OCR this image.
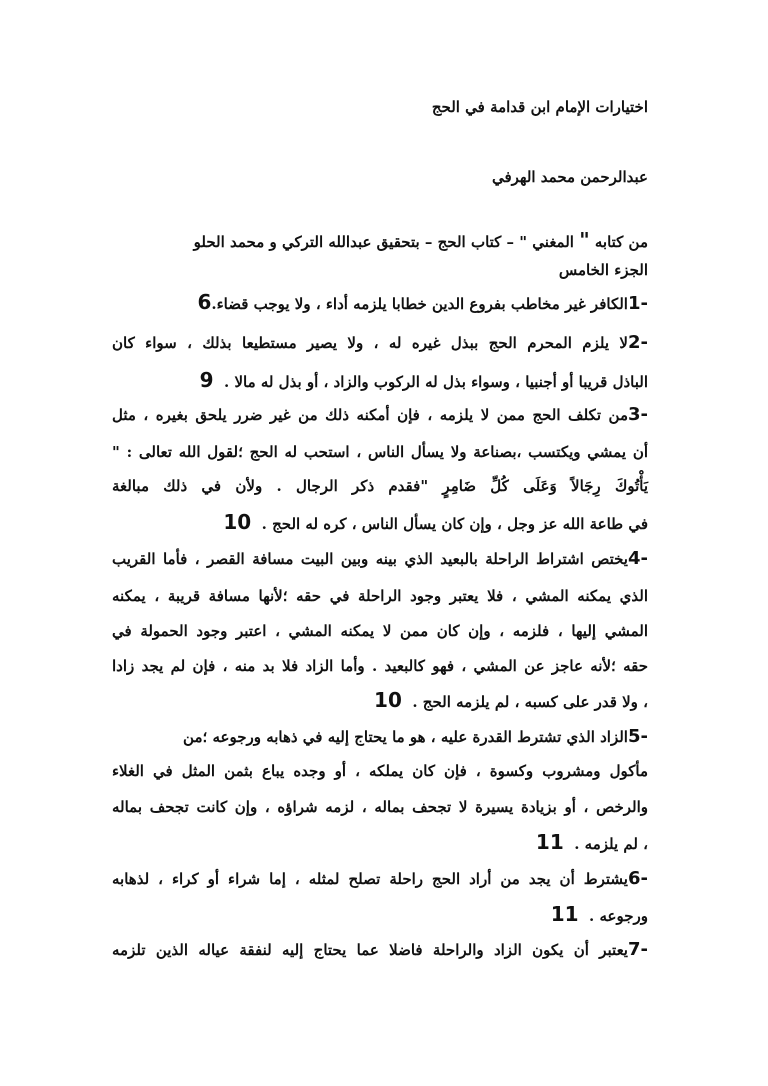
اختيارات الإمام ابن قدامة في الحج
عبدالرحمن محمد الهرفي
من كتابه " المغني " – كتاب الحج – بتحقيق عبدالله التركي و محمد الحلو
الجزء الخامس
-1الكافر غير مخاطب بفروع الدين خطابا يلزمه أداء ، ولا يوجب قضاء.6
-2لا يلزم المحرم الحج ببذل غيره له ، ولا يصير مستطيعا بذلك ، سواء كان
الباذل قريبا أو أجنبيا ، وسواء بذل له الركوب والزاد ، أو بذل له مالا .  9
-3من تكلف الحج ممن لا يلزمه ، فإن أمكنه ذلك من غير ضرر يلحق بغيره ، مثل
أن يمشي ويكتسب ،بصناعة ولا يسأل الناس ، استحب له الحج ؛لقول الله تعالى : "
يَأْتُوكَ رِجَالاً وَعَلَى كُلِّ ضَامِرٍ "فقدم ذكر الرجال . ولأن في ذلك مبالغة
في طاعة الله عز وجل ، وإن كان يسأل الناس ، كره له الحج .  10
-4يختص اشتراط الراحلة بالبعيد الذي بينه وبين البيت مسافة القصر ، فأما القريب
الذي يمكنه المشي ، فلا يعتبر وجود الراحلة في حقه ؛لأنها مسافة قريبة ، يمكنه
المشي إليها ، فلزمه ، وإن كان ممن لا يمكنه المشي ، اعتبر وجود الحمولة في
حقه ؛لأنه عاجز عن المشي ، فهو كالبعيد . وأما الزاد فلا بد منه ، فإن لم يجد زادا
، ولا قدر على كسبه ، لم يلزمه الحج .  10
-5الزاد الذي تشترط القدرة عليه ، هو ما يحتاج إليه في ذهابه ورجوعه ؛من
مأكول ومشروب وكسوة ، فإن كان يملكه ، أو وجده يباع بثمن المثل في الغلاء
والرخص ، أو بزيادة يسيرة لا تجحف بماله ، لزمه شراؤه ، وإن كانت تجحف بماله
، لم يلزمه .  11
-6يشترط أن يجد من أراد الحج راحلة تصلح لمثله ، إما شراء أو كراء ، لذهابه
ورجوعه .  11
-7يعتبر أن يكون الزاد والراحلة فاضلا عما يحتاج إليه لنفقة عياله الذين تلزمه
